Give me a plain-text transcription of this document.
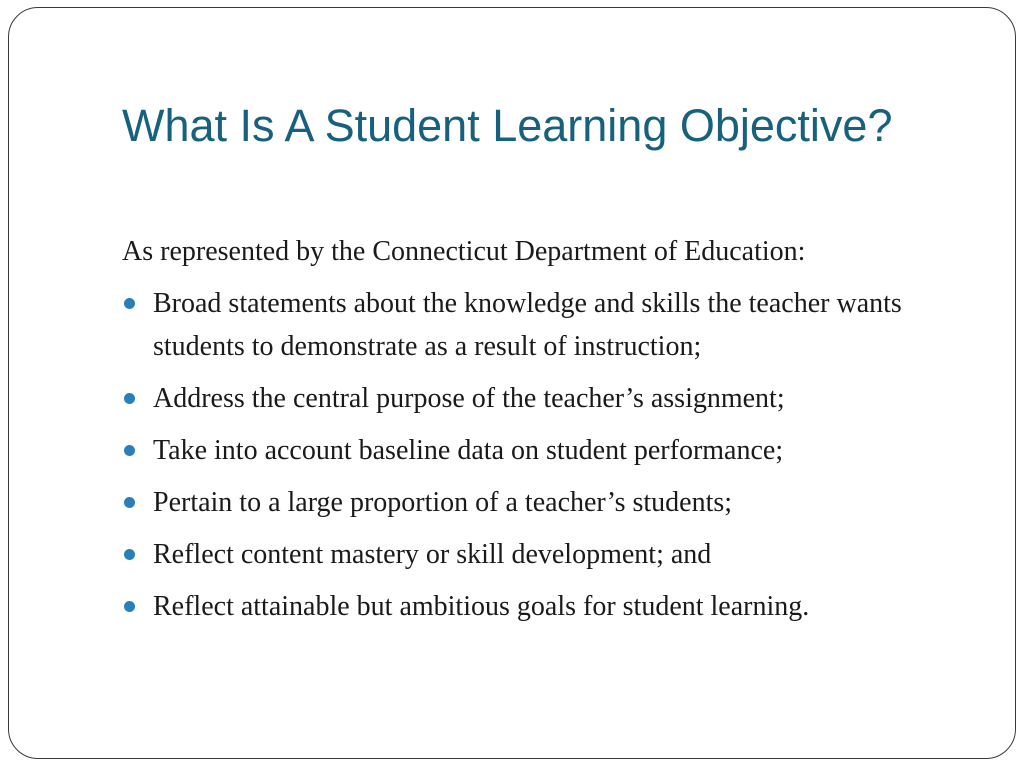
What Is A Student Learning Objective?

As represented by the Connecticut Department of Education:

Broad statements about the knowledge and skills the teacher wants students to demonstrate as a result of instruction;
Address the central purpose of the teacher’s assignment;
Take into account baseline data on student performance;
Pertain to a large proportion of a teacher’s students;
Reflect content mastery or skill development; and
Reflect attainable but ambitious goals for student learning.
